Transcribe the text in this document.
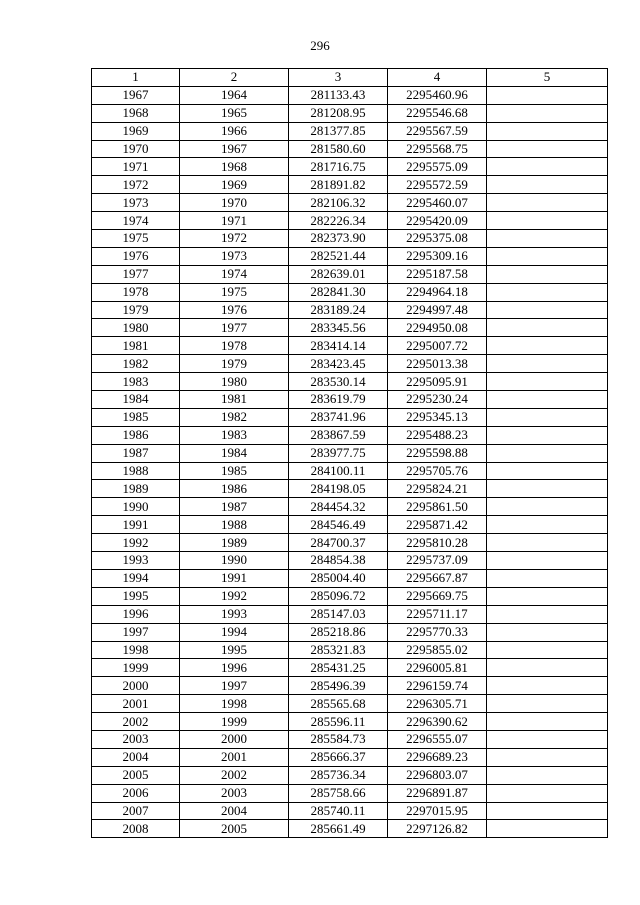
296
1	2	3	4	5
1967	1964	281133.43	2295460.96	
1968	1965	281208.95	2295546.68	
1969	1966	281377.85	2295567.59	
1970	1967	281580.60	2295568.75	
1971	1968	281716.75	2295575.09	
1972	1969	281891.82	2295572.59	
1973	1970	282106.32	2295460.07	
1974	1971	282226.34	2295420.09	
1975	1972	282373.90	2295375.08	
1976	1973	282521.44	2295309.16	
1977	1974	282639.01	2295187.58	
1978	1975	282841.30	2294964.18	
1979	1976	283189.24	2294997.48	
1980	1977	283345.56	2294950.08	
1981	1978	283414.14	2295007.72	
1982	1979	283423.45	2295013.38	
1983	1980	283530.14	2295095.91	
1984	1981	283619.79	2295230.24	
1985	1982	283741.96	2295345.13	
1986	1983	283867.59	2295488.23	
1987	1984	283977.75	2295598.88	
1988	1985	284100.11	2295705.76	
1989	1986	284198.05	2295824.21	
1990	1987	284454.32	2295861.50	
1991	1988	284546.49	2295871.42	
1992	1989	284700.37	2295810.28	
1993	1990	284854.38	2295737.09	
1994	1991	285004.40	2295667.87	
1995	1992	285096.72	2295669.75	
1996	1993	285147.03	2295711.17	
1997	1994	285218.86	2295770.33	
1998	1995	285321.83	2295855.02	
1999	1996	285431.25	2296005.81	
2000	1997	285496.39	2296159.74	
2001	1998	285565.68	2296305.71	
2002	1999	285596.11	2296390.62	
2003	2000	285584.73	2296555.07	
2004	2001	285666.37	2296689.23	
2005	2002	285736.34	2296803.07	
2006	2003	285758.66	2296891.87	
2007	2004	285740.11	2297015.95	
2008	2005	285661.49	2297126.82	
